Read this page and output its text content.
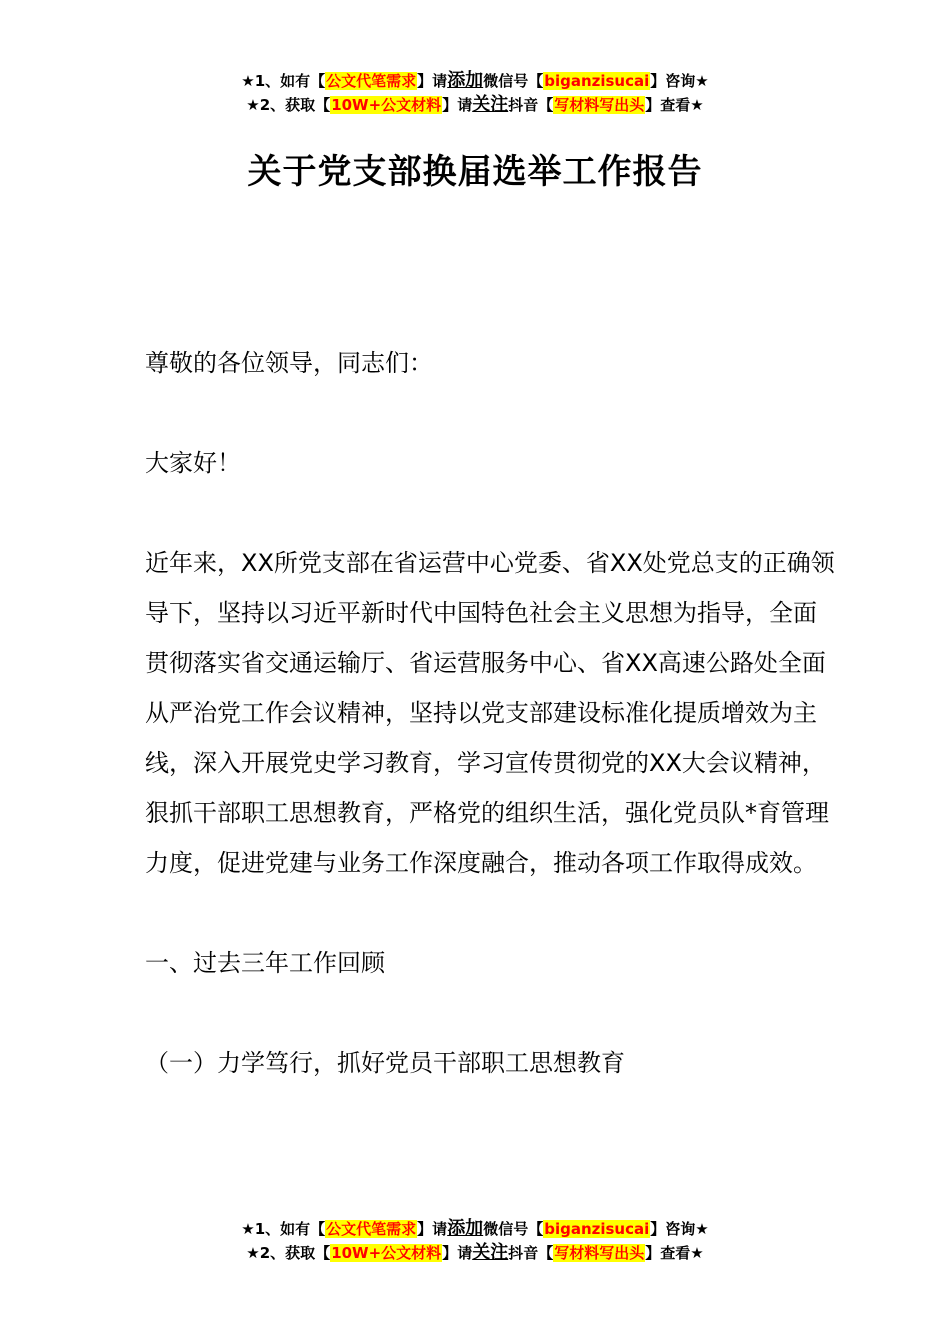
★1、如有【公文代笔需求】请添加微信号【biganzisucai】咨询★
★2、获取【10W+公文材料】请关注抖音【写材料写出头】查看★
关于党支部换届选举工作报告

尊敬的各位领导，同志们：

大家好！

近年来，XX所党支部在省运营中心党委、省XX处党总支的正确领导下，坚持以习近平新时代中国特色社会主义思想为指导，全面贯彻落实省交通运输厅、省运营服务中心、省XX高速公路处全面从严治党工作会议精神，坚持以党支部建设标准化提质增效为主线，深入开展党史学习教育，学习宣传贯彻党的XX大会议精神，狠抓干部职工思想教育，严格党的组织生活，强化党员队*育管理力度，促进党建与业务工作深度融合，推动各项工作取得成效。

一、过去三年工作回顾

（一）力学笃行，抓好党员干部职工思想教育

★1、如有【公文代笔需求】请添加微信号【biganzisucai】咨询★
★2、获取【10W+公文材料】请关注抖音【写材料写出头】查看★
